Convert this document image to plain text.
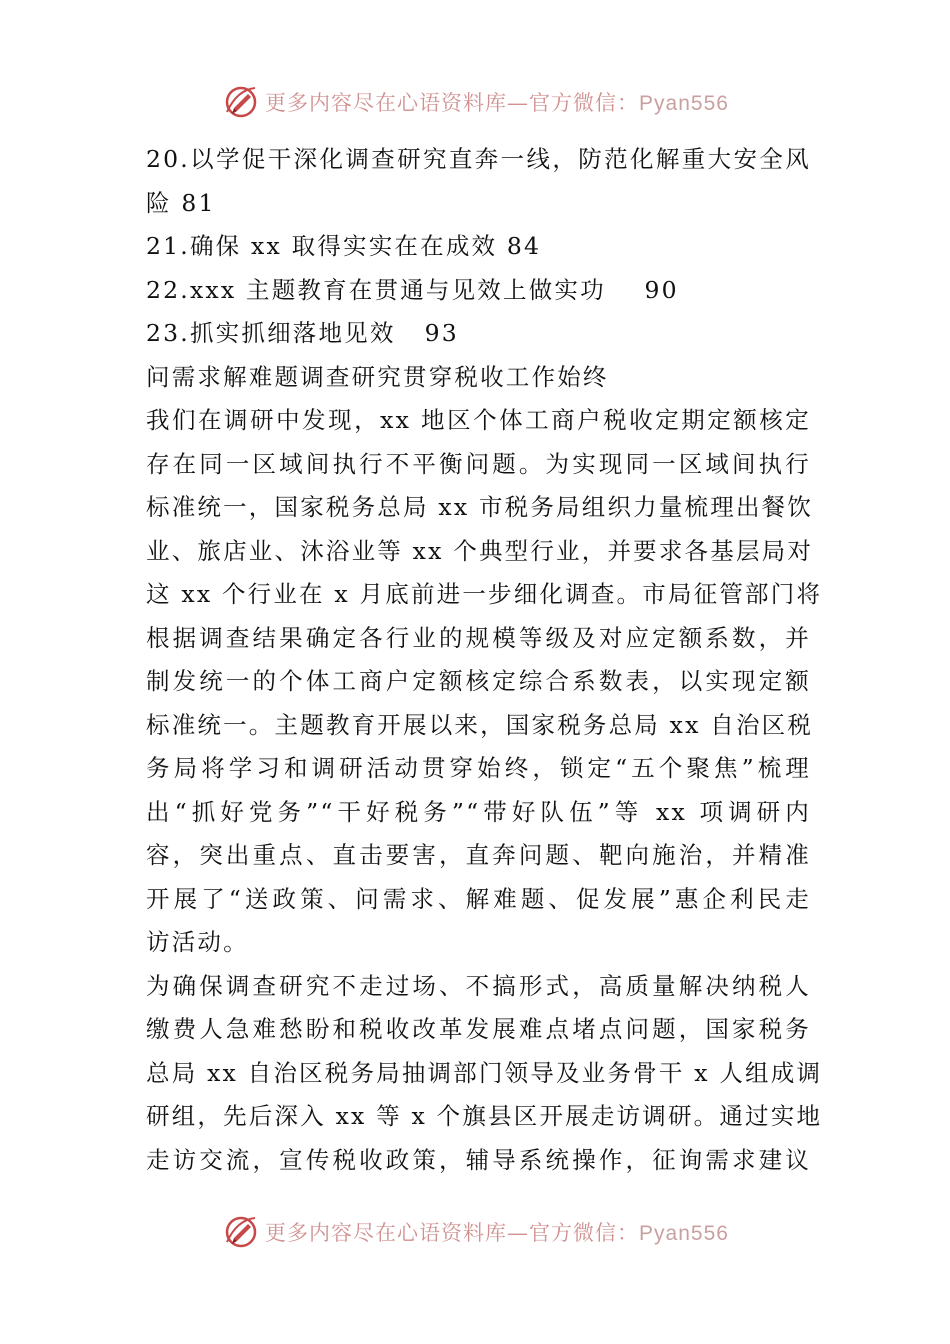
更多内容尽在心语资料库—官方微信：Pyan556
20.以学促干深化调查研究直奔一线，防范化解重大安全风
险 81
21.确保 xx 取得实实在在成效 84
22.xxx 主题教育在贯通与见效上做实功    90
23.抓实抓细落地见效   93
问需求解难题调查研究贯穿税收工作始终
我们在调研中发现，xx 地区个体工商户税收定期定额核定
存在同一区域间执行不平衡问题。为实现同一区域间执行
标准统一，国家税务总局 xx 市税务局组织力量梳理出餐饮
业、旅店业、沐浴业等 xx 个典型行业，并要求各基层局对
这 xx 个行业在 x 月底前进一步细化调查。市局征管部门将
根据调查结果确定各行业的规模等级及对应定额系数，并
制发统一的个体工商户定额核定综合系数表，以实现定额
标准统一。主题教育开展以来，国家税务总局 xx 自治区税
务局将学习和调研活动贯穿始终，锁定“五个聚焦”梳理
出“抓好党务”“干好税务”“带好队伍”等 xx 项调研内
容，突出重点、直击要害，直奔问题、靶向施治，并精准
开展了“送政策、问需求、解难题、促发展”惠企利民走
访活动。
为确保调查研究不走过场、不搞形式，高质量解决纳税人
缴费人急难愁盼和税收改革发展难点堵点问题，国家税务
总局 xx 自治区税务局抽调部门领导及业务骨干 x 人组成调
研组，先后深入 xx 等 x 个旗县区开展走访调研。通过实地
走访交流，宣传税收政策，辅导系统操作，征询需求建议
更多内容尽在心语资料库—官方微信：Pyan556
